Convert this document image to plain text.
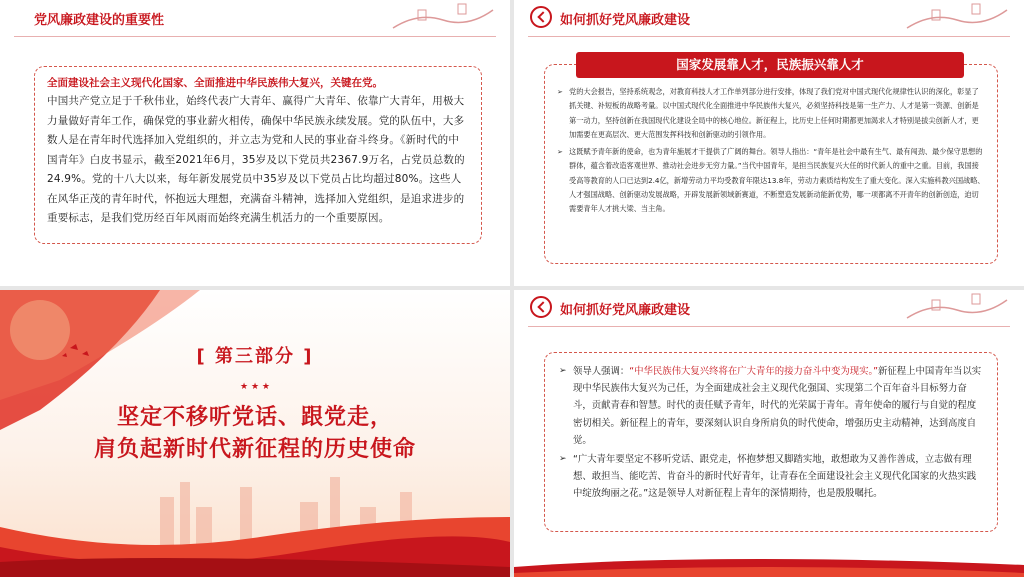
党风廉政建设的重要性
全面建设社会主义现代化国家、全面推进中华民族伟大复兴，关键在党。
中国共产党立足于千秋伟业，始终代表广大青年、赢得广大青年、依靠广大青年，用极大力量做好青年工作，确保党的事业薪火相传，确保中华民族永续发展。党的队伍中，大多数人是在青年时代选择加入党组织的，并立志为党和人民的事业奋斗终身。《新时代的中国青年》白皮书显示，截至2021年6月，35岁及以下党员共2367.9万名，占党员总数的24.9%。党的十八大以来，每年新发展党员中35岁及以下党员占比均超过80%。这些人在风华正茂的青年时代，怀抱远大理想，充满奋斗精神，选择加入党组织，是追求进步的重要标志，是我们党历经百年风雨而始终充满生机活力的一个重要原因。
如何抓好党风廉政建设
➢ 党的大会报告，坚持系统观念，对教育科技人才工作单列部分进行安排，体现了我们党对中国式现代化规律性认识的深化，彰显了抓关键、补短板的战略考量。以中国式现代化全面推进中华民族伟大复兴，必须坚持科技是第一生产力、人才是第一资源、创新是第一动力，坚持创新在我国现代化建设全局中的核心地位。新征程上，比历史上任何时期都更加渴求人才特别是拔尖创新人才，更加需要在更高层次、更大范围发挥科技和创新驱动的引领作用。
➢ 这既赋予青年新的使命，也为青年施展才干提供了广阔的舞台。领导人指出：“青年是社会中最有生气、最有闯劲、最少保守思想的群体，蕴含着改造客观世界、推动社会进步无穷力量。”当代中国青年，是担当民族复兴大任的时代新人的重中之重。目前，我国接受高等教育的人口已达到2.4亿，新增劳动力平均受教育年限达13.8年，劳动力素质结构发生了重大变化。深入实施科教兴国战略、人才强国战略、创新驱动发展战略，开辟发展新领域新赛道，不断塑造发展新动能新优势，哪一项都离不开青年的创新创造，迫切需要青年人才挑大梁、当主角。
国家发展靠人才，民族振兴靠人才
[ 第三部分 ]
★ ★ ★
坚定不移听党话、跟党走，
肩负起新时代新征程的历史使命
如何抓好党风廉政建设
➢ 领导人强调：“中华民族伟大复兴终将在广大青年的接力奋斗中变为现实。”新征程上中国青年当以实现中华民族伟大复兴为己任，为全面建成社会主义现代化强国、实现第二个百年奋斗目标努力奋斗，贡献青春和智慧。时代的责任赋予青年，时代的光荣属于青年。青年使命的履行与自觉的程度密切相关。新征程上的青年，要深刻认识自身所肩负的时代使命，增强历史主动精神，达到高度自觉。
➢ “广大青年要坚定不移听党话、跟党走，怀抱梦想又脚踏实地，敢想敢为又善作善成，立志做有理想、敢担当、能吃苦、肯奋斗的新时代好青年，让青春在全面建设社会主义现代化国家的火热实践中绽放绚丽之花。”这是领导人对新征程上青年的深情期待，也是殷殷嘱托。
